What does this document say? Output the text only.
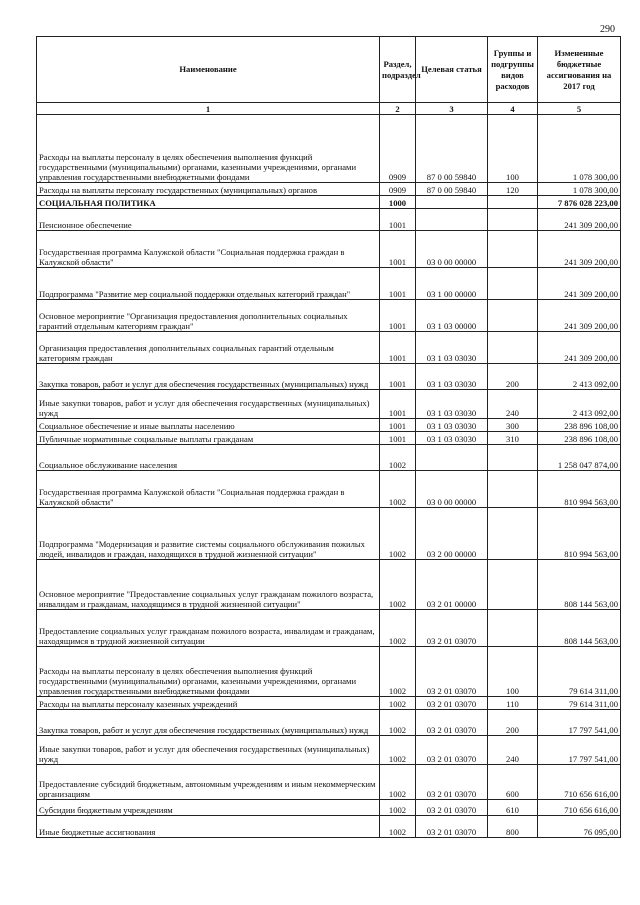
290
Наименование	Раздел, подраздел	Целевая статья	Группы и подгруппы видов расходов	Измененные бюджетные ассигнования на 2017 год
1	2	3	4	5
Расходы на выплаты персоналу в целях обеспечения выполнения функций государственными (муниципальными) органами, казенными учреждениями, органами управления государственными внебюджетными фондами	0909	87 0 00 59840	100	1 078 300,00
Расходы на выплаты персоналу государственных (муниципальных) органов	0909	87 0 00 59840	120	1 078 300,00
СОЦИАЛЬНАЯ ПОЛИТИКА	1000			7 876 028 223,00
Пенсионное обеспечение	1001			241 309 200,00
Государственная программа Калужской области "Социальная поддержка граждан в Калужской области"	1001	03 0 00 00000		241 309 200,00
Подпрограмма "Развитие мер социальной поддержки отдельных категорий граждан"	1001	03 1 00 00000		241 309 200,00
Основное мероприятие "Организация предоставления дополнительных социальных гарантий отдельным категориям граждан"	1001	03 1 03 00000		241 309 200,00
Организация предоставления дополнительных социальных гарантий отдельным категориям граждан	1001	03 1 03 03030		241 309 200,00
Закупка товаров, работ и услуг для обеспечения государственных (муниципальных) нужд	1001	03 1 03 03030	200	2 413 092,00
Иные закупки товаров, работ и услуг для обеспечения государственных (муниципальных) нужд	1001	03 1 03 03030	240	2 413 092,00
Социальное обеспечение и иные выплаты населению	1001	03 1 03 03030	300	238 896 108,00
Публичные нормативные социальные выплаты гражданам	1001	03 1 03 03030	310	238 896 108,00
Социальное обслуживание населения	1002			1 258 047 874,00
Государственная программа Калужской области "Социальная поддержка граждан в Калужской области"	1002	03 0 00 00000		810 994 563,00
Подпрограмма "Модернизация и развитие системы социального обслуживания пожилых людей, инвалидов и граждан, находящихся в трудной жизненной ситуации"	1002	03 2 00 00000		810 994 563,00
Основное мероприятие "Предоставление социальных услуг гражданам пожилого возраста, инвалидам и гражданам, находящимся в трудной жизненной ситуации"	1002	03 2 01 00000		808 144 563,00
Предоставление социальных услуг гражданам пожилого возраста, инвалидам и гражданам, находящимся в трудной жизненной ситуации	1002	03 2 01 03070		808 144 563,00
Расходы на выплаты персоналу в целях обеспечения выполнения функций государственными (муниципальными) органами, казенными учреждениями, органами управления государственными внебюджетными фондами	1002	03 2 01 03070	100	79 614 311,00
Расходы на выплаты персоналу казенных учреждений	1002	03 2 01 03070	110	79 614 311,00
Закупка товаров, работ и услуг для обеспечения государственных (муниципальных) нужд	1002	03 2 01 03070	200	17 797 541,00
Иные закупки товаров, работ и услуг для обеспечения государственных (муниципальных) нужд	1002	03 2 01 03070	240	17 797 541,00
Предоставление субсидий бюджетным, автономным учреждениям и иным некоммерческим организациям	1002	03 2 01 03070	600	710 656 616,00
Субсидии бюджетным учреждениям	1002	03 2 01 03070	610	710 656 616,00
Иные бюджетные ассигнования	1002	03 2 01 03070	800	76 095,00
